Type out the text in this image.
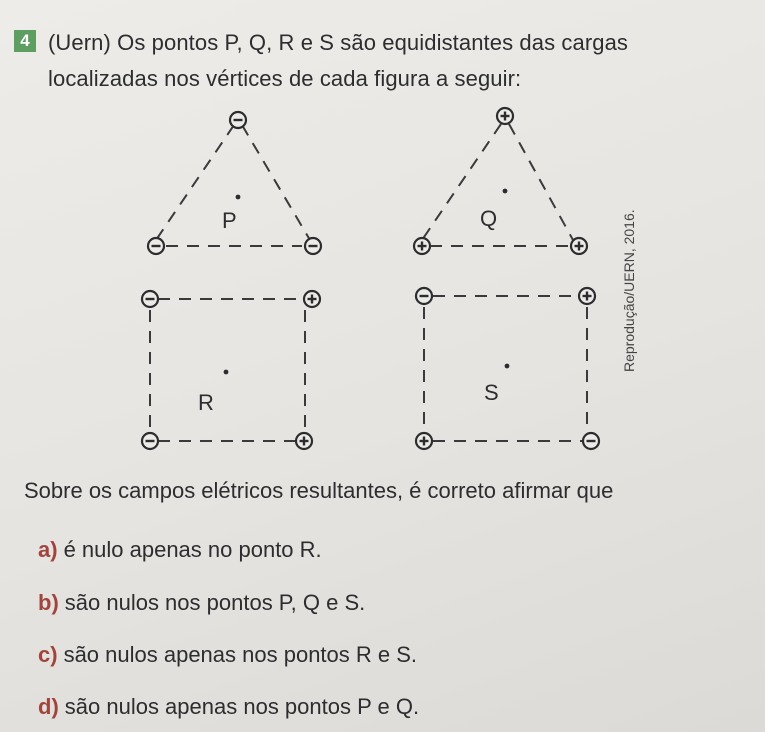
4 (Uern) Os pontos P, Q, R e S são equidistantes das cargas
localizadas nos vértices de cada figura a seguir:
Reprodução/UERN, 2016.
P	Q
R	S
Sobre os campos elétricos resultantes, é correto afirmar que
a) é nulo apenas no ponto R.
b) são nulos nos pontos P, Q e S.
c) são nulos apenas nos pontos R e S.
d) são nulos apenas nos pontos P e Q.
